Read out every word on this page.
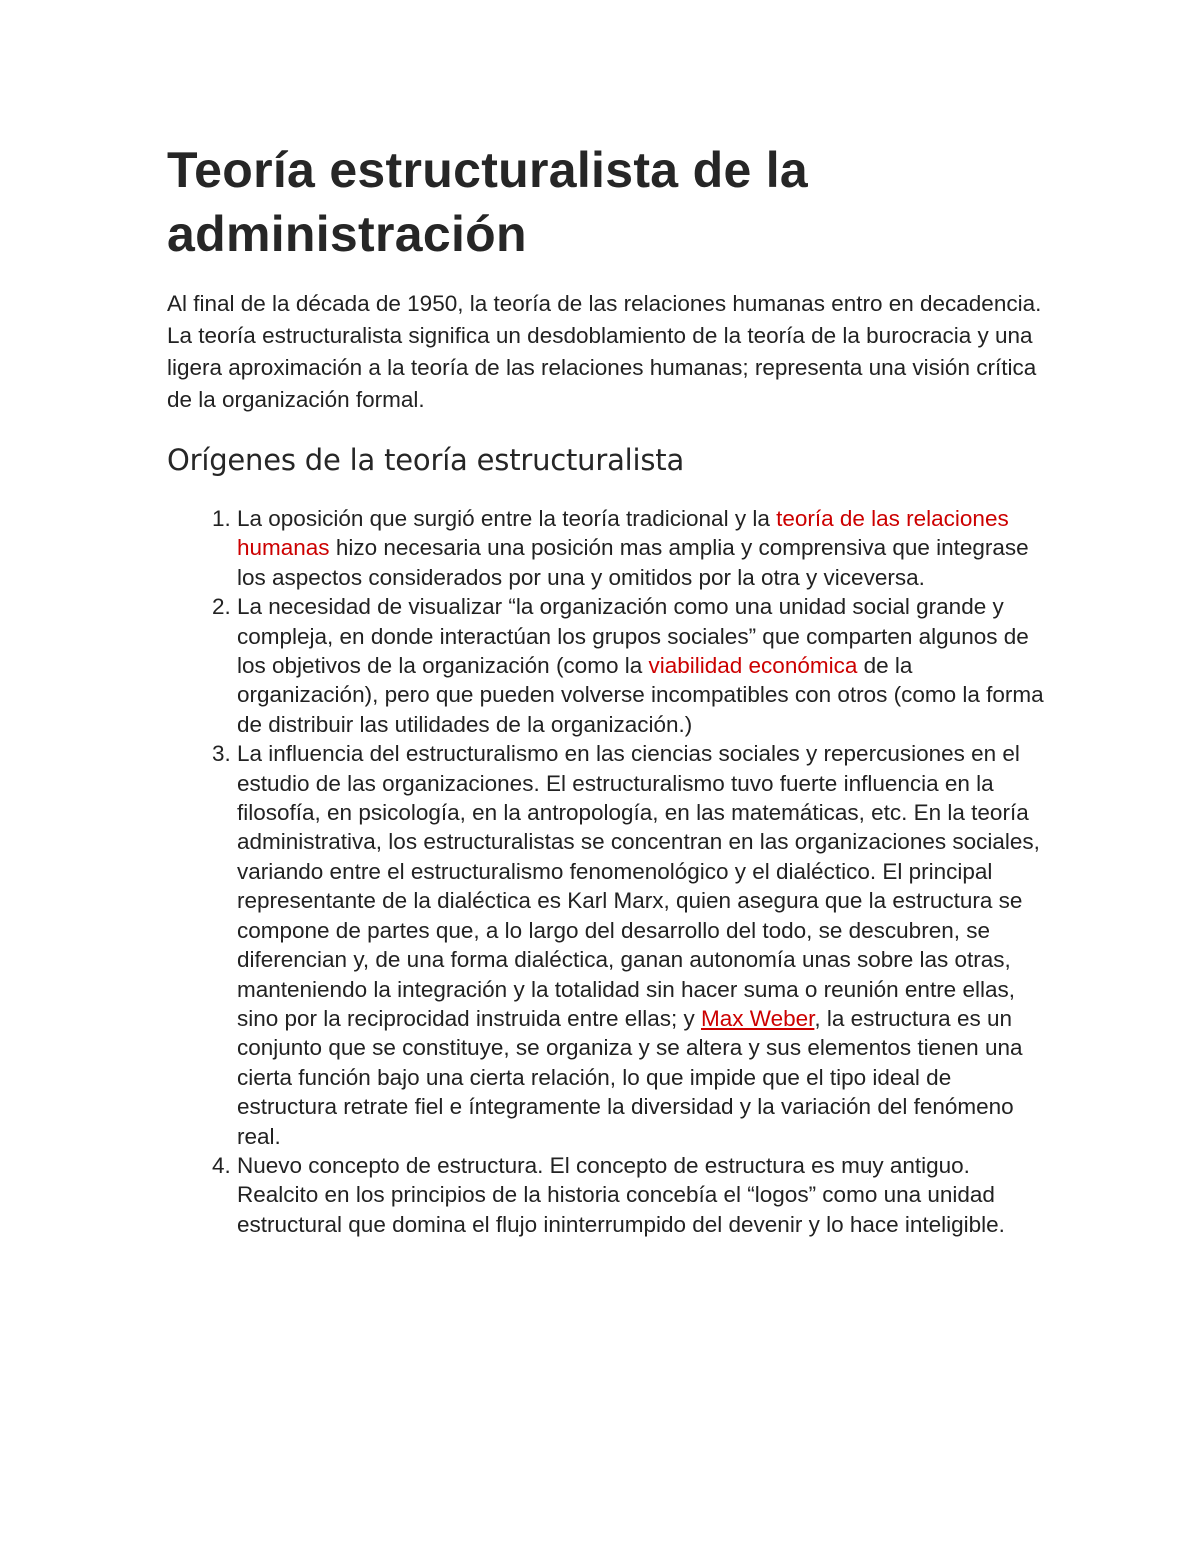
Teoría estructuralista de la administración

Al final de la década de 1950, la teoría de las relaciones humanas entro en decadencia. La teoría estructuralista significa un desdoblamiento de la teoría de la burocracia y una ligera aproximación a la teoría de las relaciones humanas; representa una visión crítica de la organización formal.

Orígenes de la teoría estructuralista
1. La oposición que surgió entre la teoría tradicional y la teoría de las relaciones humanas hizo necesaria una posición mas amplia y comprensiva que integrase los aspectos considerados por una y omitidos por la otra y viceversa.
2. La necesidad de visualizar “la organización como una unidad social grande y compleja, en donde interactúan los grupos sociales” que comparten algunos de los objetivos de la organización (como la viabilidad económica de la organización), pero que pueden volverse incompatibles con otros (como la forma de distribuir las utilidades de la organización.)
3. La influencia del estructuralismo en las ciencias sociales y repercusiones en el estudio de las organizaciones. El estructuralismo tuvo fuerte influencia en la filosofía, en psicología, en la antropología, en las matemáticas, etc. En la teoría administrativa, los estructuralistas se concentran en las organizaciones sociales, variando entre el estructuralismo fenomenológico y el dialéctico. El principal representante de la dialéctica es Karl Marx, quien asegura que la estructura se compone de partes que, a lo largo del desarrollo del todo, se descubren, se diferencian y, de una forma dialéctica, ganan autonomía unas sobre las otras, manteniendo la integración y la totalidad sin hacer suma o reunión entre ellas, sino por la reciprocidad instruida entre ellas; y Max Weber, la estructura es un conjunto que se constituye, se organiza y se altera y sus elementos tienen una cierta función bajo una cierta relación, lo que impide que el tipo ideal de estructura retrate fiel e íntegramente la diversidad y la variación del fenómeno real.
4. Nuevo concepto de estructura. El concepto de estructura es muy antiguo. Realcito en los principios de la historia concebía el “logos” como una unidad estructural que domina el flujo ininterrumpido del devenir y lo hace inteligible.
